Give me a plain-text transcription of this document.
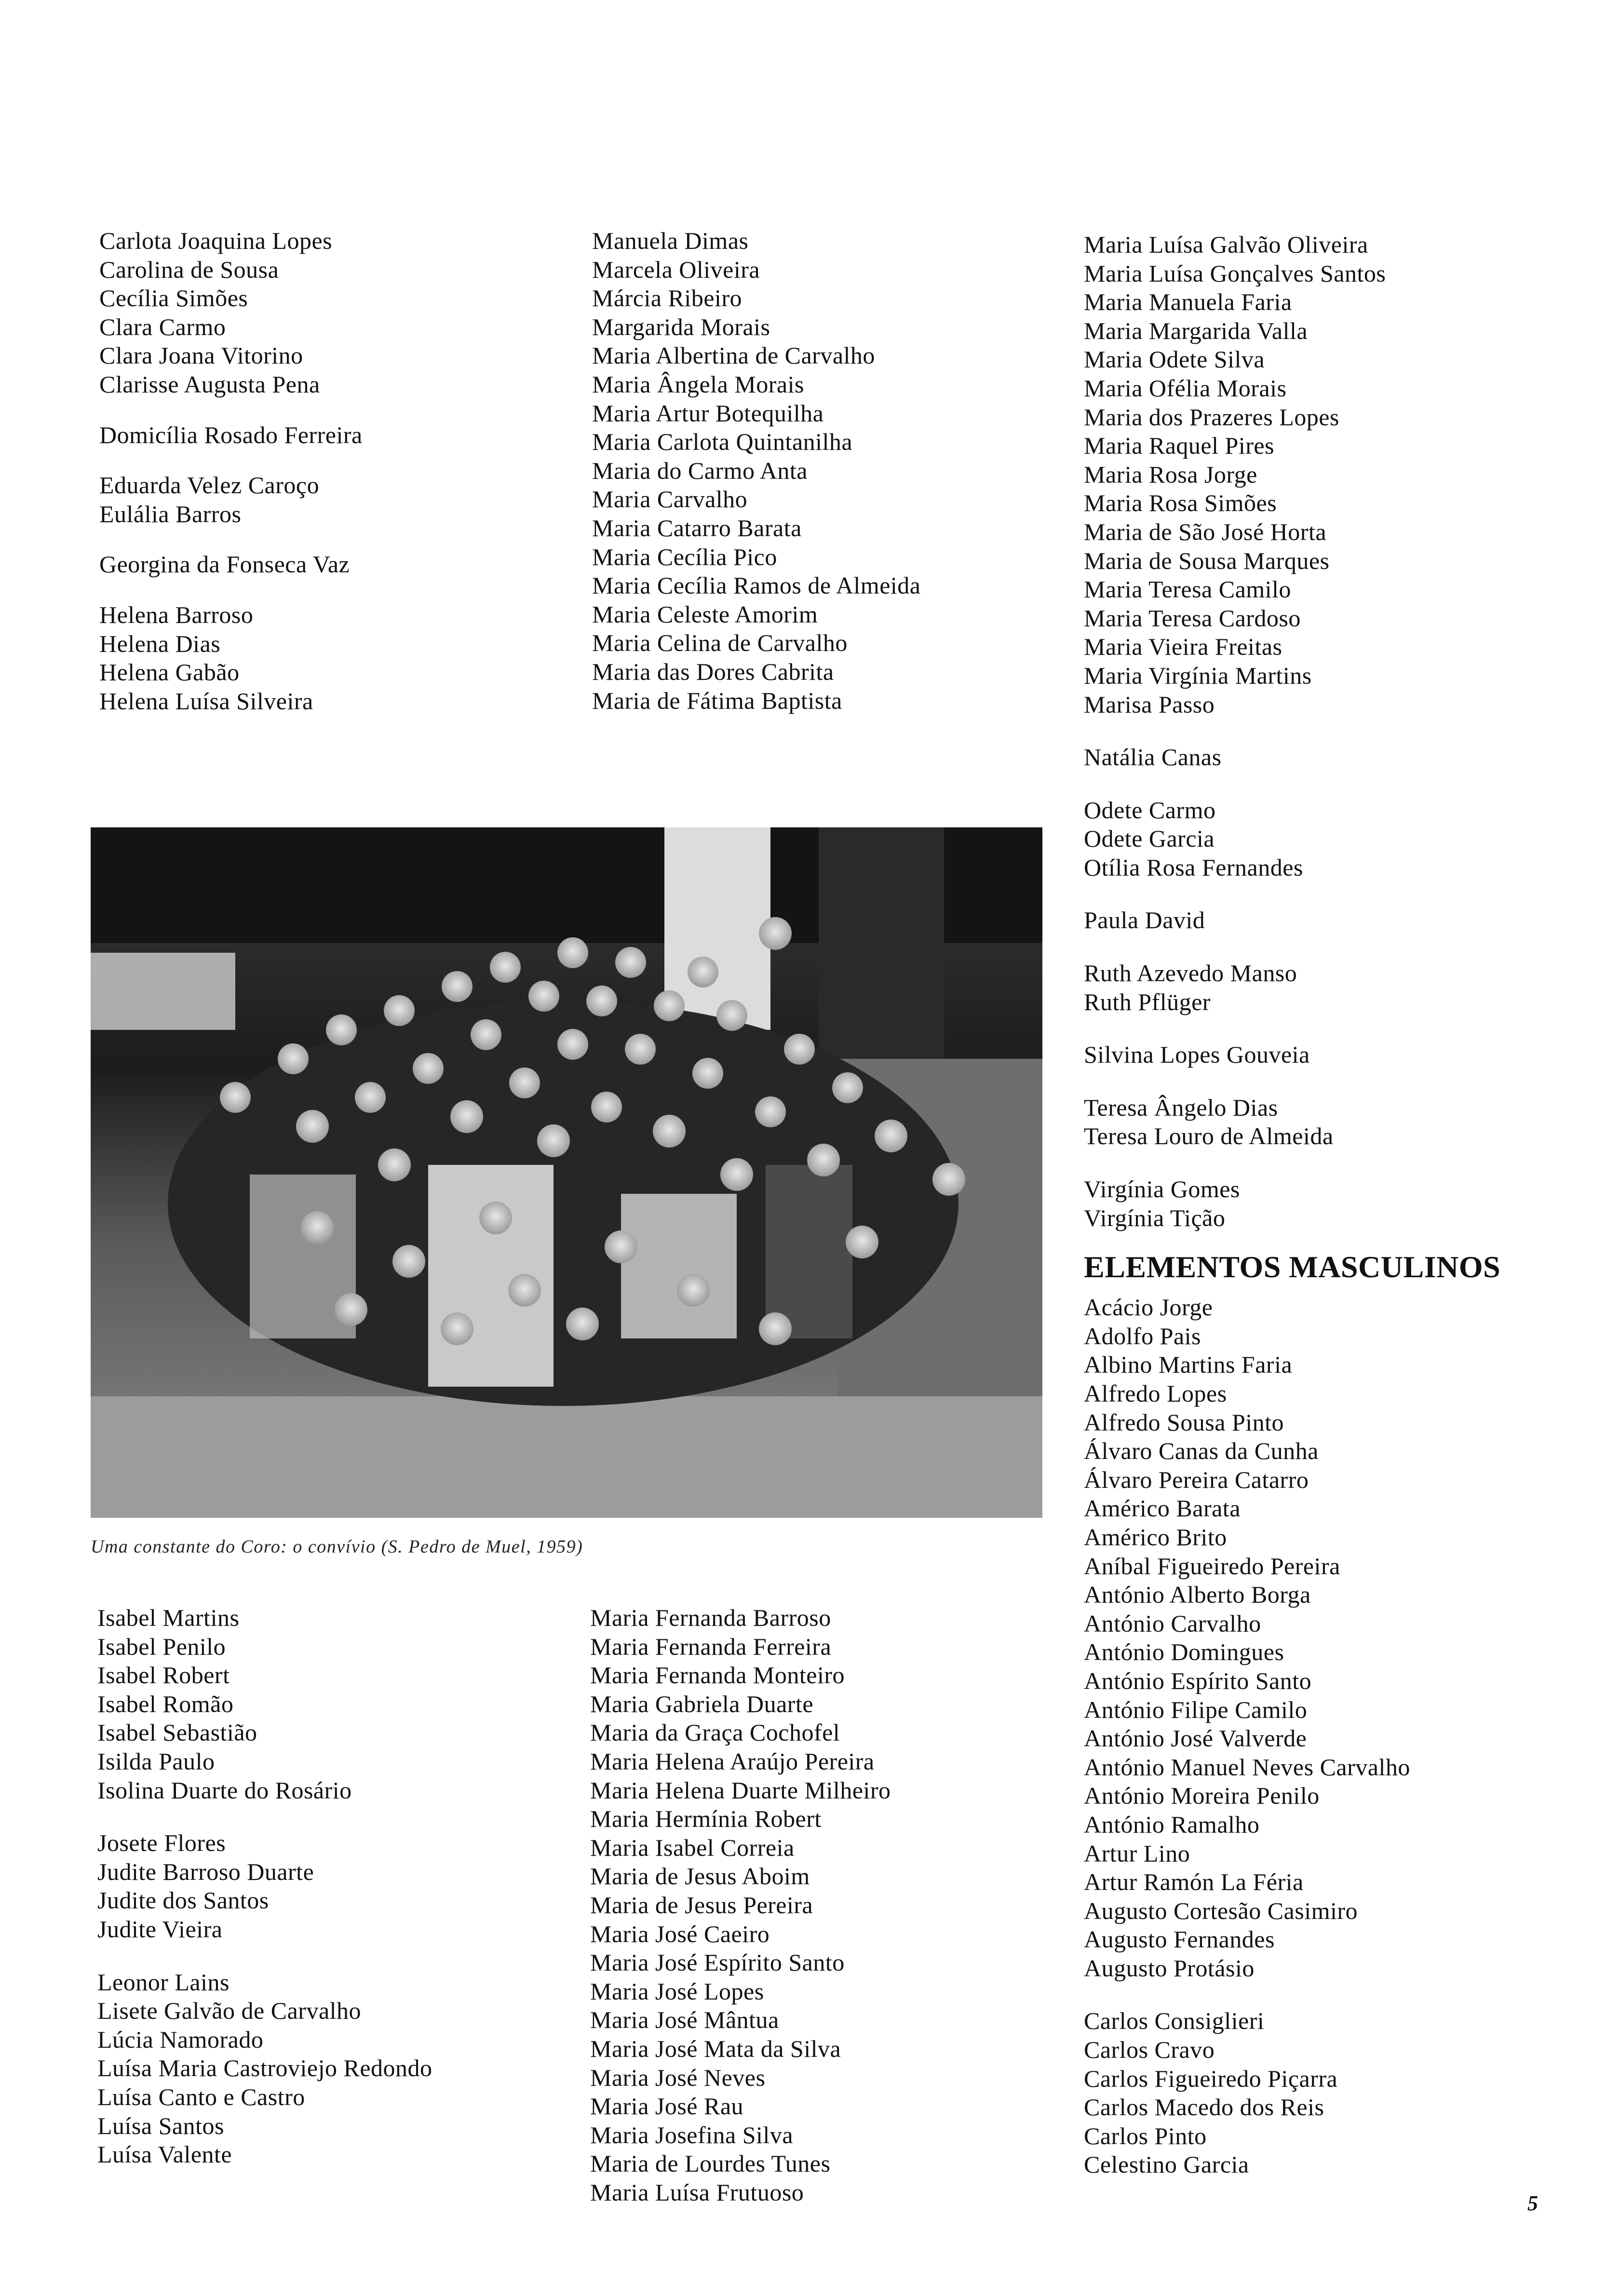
Carlota Joaquina Lopes
Carolina de Sousa
Cecília Simões
Clara Carmo
Clara Joana Vitorino
Clarisse Augusta Pena
Domicília Rosado Ferreira
Eduarda Velez Caroço
Eulália Barros
Georgina da Fonseca Vaz
Helena Barroso
Helena Dias
Helena Gabão
Helena Luísa Silveira
Manuela Dimas
Marcela Oliveira
Márcia Ribeiro
Margarida Morais
Maria Albertina de Carvalho
Maria Ângela Morais
Maria Artur Botequilha
Maria Carlota Quintanilha
Maria do Carmo Anta
Maria Carvalho
Maria Catarro Barata
Maria Cecília Pico
Maria Cecília Ramos de Almeida
Maria Celeste Amorim
Maria Celina de Carvalho
Maria das Dores Cabrita
Maria de Fátima Baptista
Maria Luísa Galvão Oliveira
Maria Luísa Gonçalves Santos
Maria Manuela Faria
Maria Margarida Valla
Maria Odete Silva
Maria Ofélia Morais
Maria dos Prazeres Lopes
Maria Raquel Pires
Maria Rosa Jorge
Maria Rosa Simões
Maria de São José Horta
Maria de Sousa Marques
Maria Teresa Camilo
Maria Teresa Cardoso
Maria Vieira Freitas
Maria Virgínia Martins
Marisa Passo
Natália Canas
Odete Carmo
Odete Garcia
Otília Rosa Fernandes
Paula David
Ruth Azevedo Manso
Ruth Pflüger
Silvina Lopes Gouveia
Teresa Ângelo Dias
Teresa Louro de Almeida
Virgínia Gomes
Virgínia Tição
ELEMENTOS MASCULINOS
Acácio Jorge
Adolfo Pais
Albino Martins Faria
Alfredo Lopes
Alfredo Sousa Pinto
Álvaro Canas da Cunha
Álvaro Pereira Catarro
Américo Barata
Américo Brito
Aníbal Figueiredo Pereira
António Alberto Borga
António Carvalho
António Domingues
António Espírito Santo
António Filipe Camilo
António José Valverde
António Manuel Neves Carvalho
António Moreira Penilo
António Ramalho
Artur Lino
Artur Ramón La Féria
Augusto Cortesão Casimiro
Augusto Fernandes
Augusto Protásio
Carlos Consiglieri
Carlos Cravo
Carlos Figueiredo Piçarra
Carlos Macedo dos Reis
Carlos Pinto
Celestino Garcia
Uma constante do Coro: o convívio (S. Pedro de Muel, 1959)
Isabel Martins
Isabel Penilo
Isabel Robert
Isabel Romão
Isabel Sebastião
Isilda Paulo
Isolina Duarte do Rosário
Josete Flores
Judite Barroso Duarte
Judite dos Santos
Judite Vieira
Leonor Lains
Lisete Galvão de Carvalho
Lúcia Namorado
Luísa Maria Castroviejo Redondo
Luísa Canto e Castro
Luísa Santos
Luísa Valente
Maria Fernanda Barroso
Maria Fernanda Ferreira
Maria Fernanda Monteiro
Maria Gabriela Duarte
Maria da Graça Cochofel
Maria Helena Araújo Pereira
Maria Helena Duarte Milheiro
Maria Hermínia Robert
Maria Isabel Correia
Maria de Jesus Aboim
Maria de Jesus Pereira
Maria José Caeiro
Maria José Espírito Santo
Maria José Lopes
Maria José Mântua
Maria José Mata da Silva
Maria José Neves
Maria José Rau
Maria Josefina Silva
Maria de Lourdes Tunes
Maria Luísa Frutuoso	5
